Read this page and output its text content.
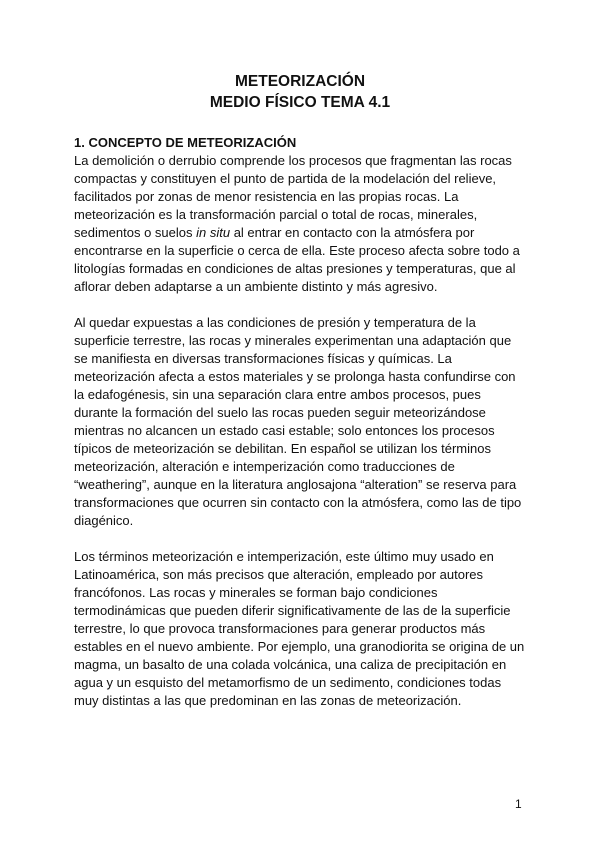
METEORIZACIÓN
MEDIO FÍSICO TEMA 4.1
1. CONCEPTO DE METEORIZACIÓN

La demolición o derrubio comprende los procesos que fragmentan las rocas
compactas y constituyen el punto de partida de la modelación del relieve,
facilitados por zonas de menor resistencia en las propias rocas. La
meteorización es la transformación parcial o total de rocas, minerales,
sedimentos o suelos in situ al entrar en contacto con la atmósfera por
encontrarse en la superficie o cerca de ella. Este proceso afecta sobre todo a
litologías formadas en condiciones de altas presiones y temperaturas, que al
aflorar deben adaptarse a un ambiente distinto y más agresivo.

Al quedar expuestas a las condiciones de presión y temperatura de la
superficie terrestre, las rocas y minerales experimentan una adaptación que
se manifiesta en diversas transformaciones físicas y químicas. La
meteorización afecta a estos materiales y se prolonga hasta confundirse con
la edafogénesis, sin una separación clara entre ambos procesos, pues
durante la formación del suelo las rocas pueden seguir meteorizándose
mientras no alcancen un estado casi estable; solo entonces los procesos
típicos de meteorización se debilitan. En español se utilizan los términos
meteorización, alteración e intemperización como traducciones de
“weathering”, aunque en la literatura anglosajona “alteration” se reserva para
transformaciones que ocurren sin contacto con la atmósfera, como las de tipo
diagénico.

Los términos meteorización e intemperización, este último muy usado en
Latinoamérica, son más precisos que alteración, empleado por autores
francófonos. Las rocas y minerales se forman bajo condiciones
termodinámicas que pueden diferir significativamente de las de la superficie
terrestre, lo que provoca transformaciones para generar productos más
estables en el nuevo ambiente. Por ejemplo, una granodiorita se origina de un
magma, un basalto de una colada volcánica, una caliza de precipitación en
agua y un esquisto del metamorfismo de un sedimento, condiciones todas
muy distintas a las que predominan en las zonas de meteorización.

1
